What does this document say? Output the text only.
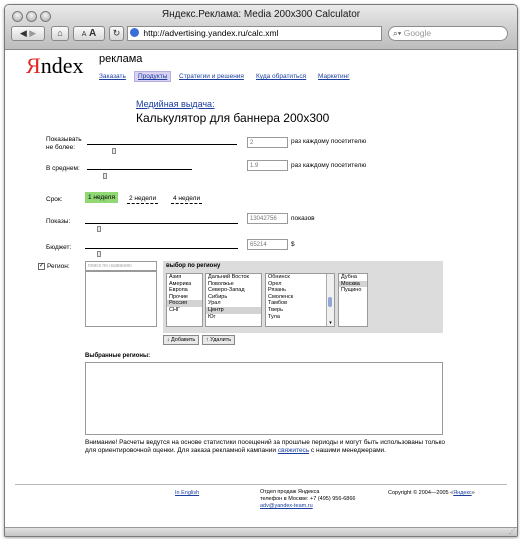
Яндекс.Реклама: Media 200x300 Calculator
◀ ▶	⌂	A A	↻	http://advertising.yandex.ru/calc.xml	⌕▾ Google
Яndex реклама
Заказать	Продукты	Стратегии и решения Куда обратиться Маркетинг
Медийная выдача:
Калькулятор для баннера 200x300
Показывать
не более:
2	раз каждому посетителю
В среднем:	1.9	раз каждому посетителю
Срок:	1 неделя	2 недели	4 недели
Показы:	13042756	показов
Бюджет:	65214	$
✓ Регион:	поиск по названию	выбор по региону
Азия
Америка
Европа
Прочие
Россия
СНГ
Дальний Восток
Поволжье
Северо-Запад
Сибирь
Урал
Центр
Юг
Обнинск
Орел
Рязань
Смоленск
Тамбов
Тверь
Тула
▾
Дубна
Москва
Пущино
↓ Добавить	↑ Удалить
Выбранные регионы:
Внимание! Расчеты ведутся на основе статистики посещений за прошлые периоды и могут быть использованы только для ориентировочной оценки. Для заказа рекламной кампании свяжитесь с нашими менеджерами.
In English	Отдел продаж Яндекса
телефон в Москве: +7 (495) 956-6866
adv@yandex-team.ru
Copyright © 2004—2005 «Яндекс»
⋰
